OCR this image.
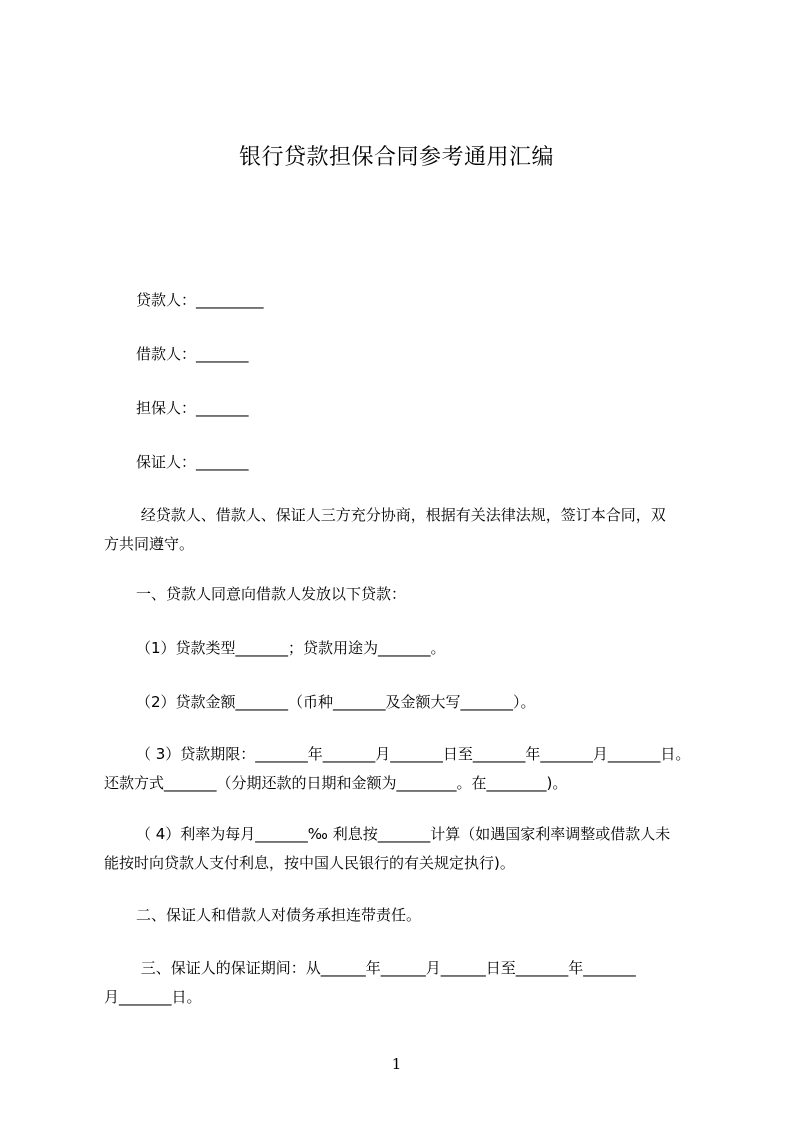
银行贷款担保合同参考通用汇编

贷款人：_________

借款人：_______

担保人：_______

保证人：_______

经贷款人、借款人、保证人三方充分协商，根据有关法律法规，签订本合同，双
方共同遵守。

一、贷款人同意向借款人发放以下贷款：

（1）贷款类型_______；贷款用途为_______。

（2）贷款金额_______（币种_______及金额大写_______）。

（ 3）贷款期限：_______年_______月_______日至_______年_______月_______日。
还款方式_______（分期还款的日期和金额为________。在________)。
（ 4）利率为每月_______‰ 利息按_______计算（如遇国家利率调整或借款人未
能按时向贷款人支付利息，按中国人民银行的有关规定执行)。

二、保证人和借款人对债务承担连带责任。

三、保证人的保证期间：从______年______月______日至_______年_______
月_______日。
1
